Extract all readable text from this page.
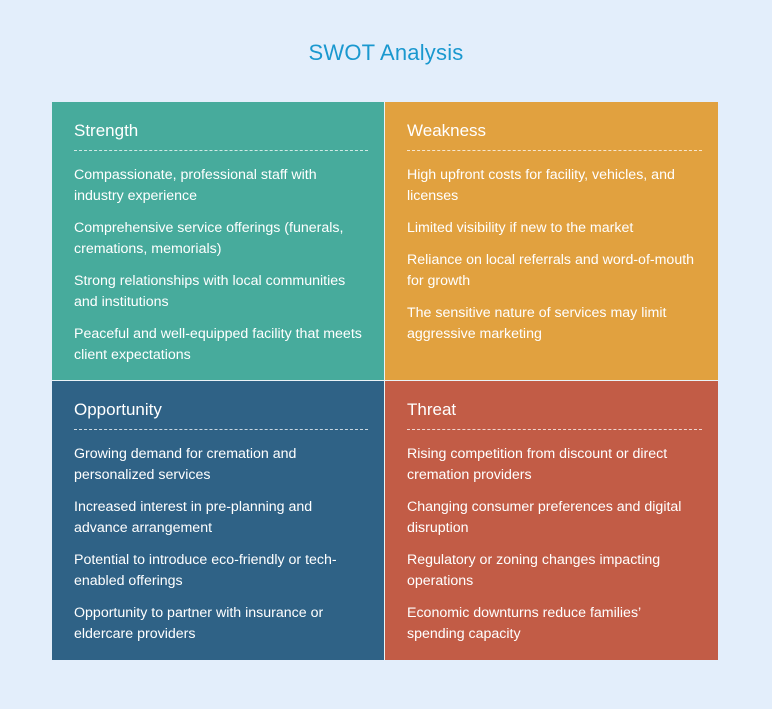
SWOT Analysis
Strength
Compassionate, professional staff with industry experience
Comprehensive service offerings (funerals, cremations, memorials)
Strong relationships with local communities and institutions
Peaceful and well-equipped facility that meets client expectations
Weakness
High upfront costs for facility, vehicles, and licenses
Limited visibility if new to the market
Reliance on local referrals and word-of-mouth for growth
The sensitive nature of services may limit aggressive marketing
Opportunity
Growing demand for cremation and personalized services
Increased interest in pre-planning and advance arrangement
Potential to introduce eco-friendly or tech-enabled offerings
Opportunity to partner with insurance or eldercare providers
Threat
Rising competition from discount or direct cremation providers
Changing consumer preferences and digital disruption
Regulatory or zoning changes impacting operations
Economic downturns reduce families’ spending capacity
